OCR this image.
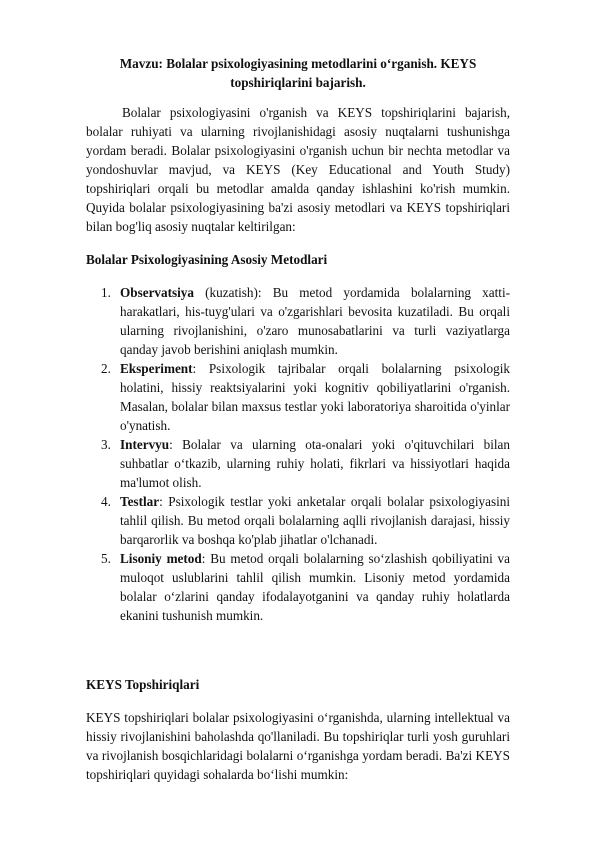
Mavzu: Bolalar psixologiyasining metodlarini o‘rganish. KEYS
topshiriqlarini bajarish.

Bolalar psixologiyasini o'rganish va KEYS topshiriqlarini bajarish, bolalar ruhiyati va ularning rivojlanishidagi asosiy nuqtalarni tushunishga yordam beradi. Bolalar psixologiyasini o'rganish uchun bir nechta metodlar va yondoshuvlar mavjud, va KEYS (Key Educational and Youth Study) topshiriqlari orqali bu metodlar amalda qanday ishlashini ko'rish mumkin. Quyida bolalar psixologiyasining ba'zi asosiy metodlari va KEYS topshiriqlari bilan bog'liq asosiy nuqtalar keltirilgan:

Bolalar Psixologiyasining Asosiy Metodlari
1. Observatsiya (kuzatish): Bu metod yordamida bolalarning xatti-harakatlari, his-tuyg'ulari va o'zgarishlari bevosita kuzatiladi. Bu orqali ularning rivojlanishini, o'zaro munosabatlarini va turli vaziyatlarga qanday javob berishini aniqlash mumkin.
2. Eksperiment: Psixologik tajribalar orqali bolalarning psixologik holatini, hissiy reaktsiyalarini yoki kognitiv qobiliyatlarini o'rganish. Masalan, bolalar bilan maxsus testlar yoki laboratoriya sharoitida o'yinlar o'ynatish.
3. Intervyu: Bolalar va ularning ota-onalari yoki o'qituvchilari bilan suhbatlar o‘tkazib, ularning ruhiy holati, fikrlari va hissiyotlari haqida ma'lumot olish.
4. Testlar: Psixologik testlar yoki anketalar orqali bolalar psixologiyasini tahlil qilish. Bu metod orqali bolalarning aqlli rivojlanish darajasi, hissiy barqarorlik va boshqa ko'plab jihatlar o'lchanadi.
5. Lisoniy metod: Bu metod orqali bolalarning so‘zlashish qobiliyatini va muloqot uslublarini tahlil qilish mumkin. Lisoniy metod yordamida bolalar o‘zlarini qanday ifodalayotganini va qanday ruhiy holatlarda ekanini tushunish mumkin.
KEYS Topshiriqlari

KEYS topshiriqlari bolalar psixologiyasini o‘rganishda, ularning intellektual va hissiy rivojlanishini baholashda qo'llaniladi. Bu topshiriqlar turli yosh guruhlari va rivojlanish bosqichlaridagi bolalarni o‘rganishga yordam beradi. Ba'zi KEYS topshiriqlari quyidagi sohalarda bo‘lishi mumkin:
